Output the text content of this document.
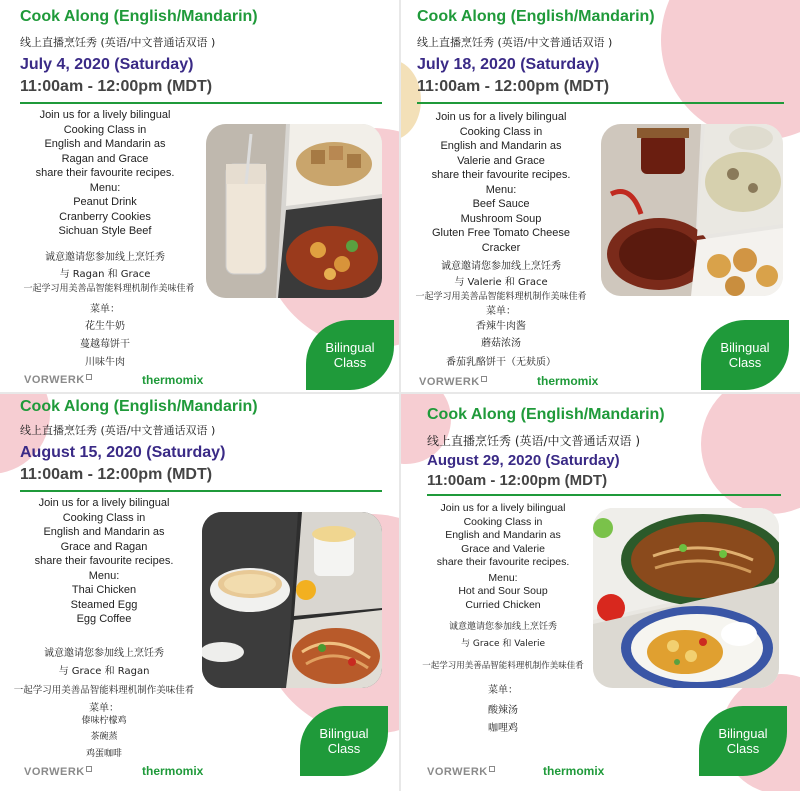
Cook Along (English/Mandarin)
线上直播烹饪秀 (英语/中文普通话双语 )
July 4, 2020 (Saturday)
11:00am - 12:00pm (MDT)
Join us for a lively bilingual
Cooking Class in
English and Mandarin as
Ragan and Grace
share their favourite recipes.
Menu:
Peanut Drink
Cranberry Cookies
Sichuan Style Beef
诚意邀请您参加线上烹饪秀
与 Ragan 和 Grace
一起学习用美善品智能料理机制作美味佳肴
菜单：
花生牛奶
蔓越莓饼干
川味牛肉
Bilingual
Class
VORWERK	thermomix
Cook Along (English/Mandarin)
线上直播烹饪秀 (英语/中文普通话双语 )
July 18, 2020 (Saturday)
11:00am - 12:00pm (MDT)
Join us for a lively bilingual
Cooking Class in
English and Mandarin as
Valerie and Grace
share their favourite recipes.
Menu:
Beef Sauce
Mushroom Soup
Gluten Free Tomato Cheese
Cracker
诚意邀请您参加线上烹饪秀
与 Valerie 和 Grace
一起学习用美善品智能料理机制作美味佳肴
菜单：
香辣牛肉酱
蘑菇浓汤
番茄乳酪饼干（无麸质）
Bilingual
Class
VORWERK	thermomix
Cook Along (English/Mandarin)
线上直播烹饪秀 (英语/中文普通话双语 )
August 15, 2020 (Saturday)
11:00am - 12:00pm (MDT)
Join us for a lively bilingual
Cooking Class in
English and Mandarin as
Grace and Ragan
share their favourite recipes.
Menu:
Thai Chicken
Steamed Egg
Egg Coffee
诚意邀请您参加线上烹饪秀
与 Grace 和 Ragan
一起学习用美善品智能料理机制作美味佳肴
菜单：
傣味柠檬鸡
茶碗蒸
鸡蛋咖啡
Bilingual
Class
VORWERK	thermomix
Cook Along (English/Mandarin)
线上直播烹饪秀 (英语/中文普通话双语 )
August 29, 2020 (Saturday)
11:00am - 12:00pm (MDT)
Join us for a lively bilingual
Cooking Class in
English and Mandarin as
Grace and Valerie
share their favourite recipes.
Menu:
Hot and Sour Soup
Curried Chicken
诚意邀请您参加线上烹饪秀
与 Grace 和 Valerie
一起学习用美善品智能料理机制作美味佳肴
菜单：
酸辣汤
咖哩鸡	Bilingual
Class
VORWERK	thermomix
